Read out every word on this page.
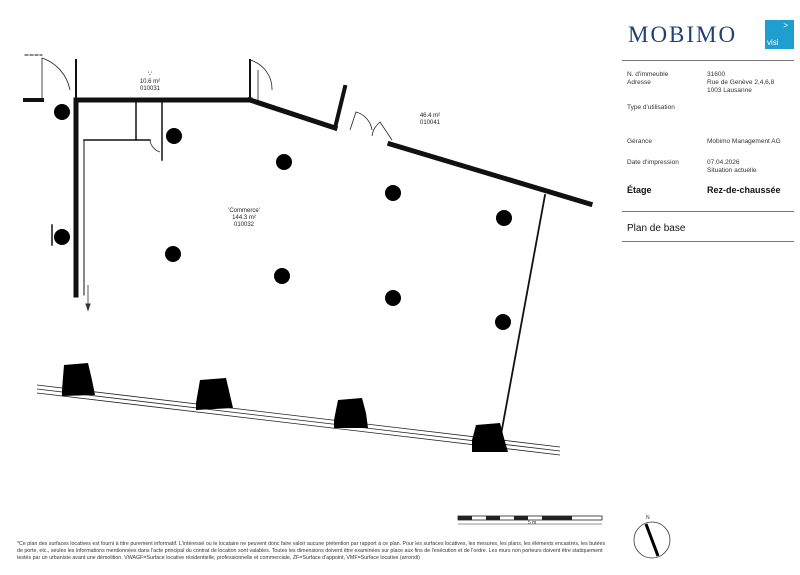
'-'
10.6 m²
010031
46.4 m²
010041
'Commerce'
144.3 m²
010032
MOBIMO	>
visi
N. d'immeuble	31600
Adresse	Rue de Genève 2,4,6,8
1003 Lausanne
Type d'utilisation
Gérance	Mobimo Management AG
Date d'impression	07.04.2026
Situation actuelle
Étage	Rez-de-chaussée
Plan de base
5 m
N
*Ce plan des surfaces locatives est fourni à titre purement informatif. L'intéressé ou le locataire ne peuvent donc faire valoir aucune prétention par rapport à ce plan. Pour les surfaces locatives, les mesures, les plans, les éléments encastrés, les butées de porte, etc., seules les informations mentionnées dans l'acte principal du contrat de location sont valables. Toutes les dimensions doivent être examinées sur place aux fins de l'exécution et de l'ordre. Les murs non porteurs doivent être statiquement testés par un urbaniste avant une démolition. VWAGF=Surface locative résidentielle, professionnelle et commerciale, ZF=Surface d'appoint, VMF=Surface locative (arrondi)
